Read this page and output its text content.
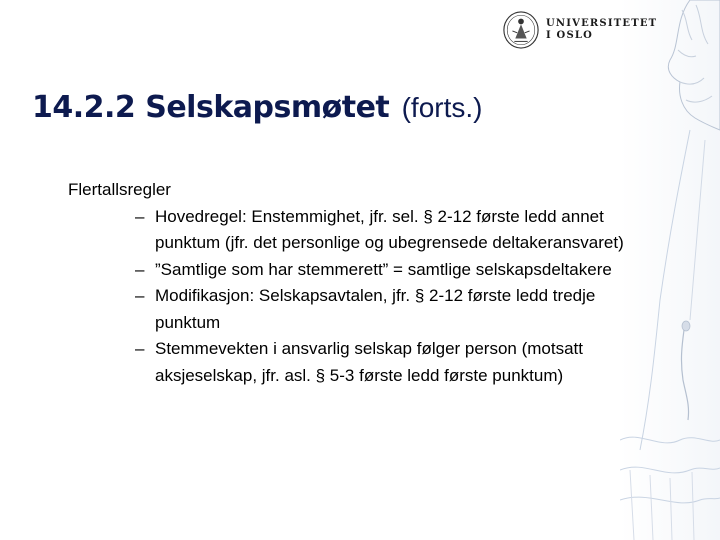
UNIVERSITETET
I OSLO
14.2.2 Selskapsmøtet (forts.)

Flertallsregler

– Hovedregel: Enstemmighet, jfr. sel. § 2-12 første ledd annet punktum (jfr. det personlige og ubegrensede deltakeransvaret)
– ”Samtlige som har stemmerett” = samtlige selskapsdeltakere
– Modifikasjon: Selskapsavtalen, jfr. § 2-12 første ledd tredje punktum
– Stemmevekten i ansvarlig selskap følger person (motsatt aksjeselskap, jfr. asl. § 5-3 første ledd første punktum)
